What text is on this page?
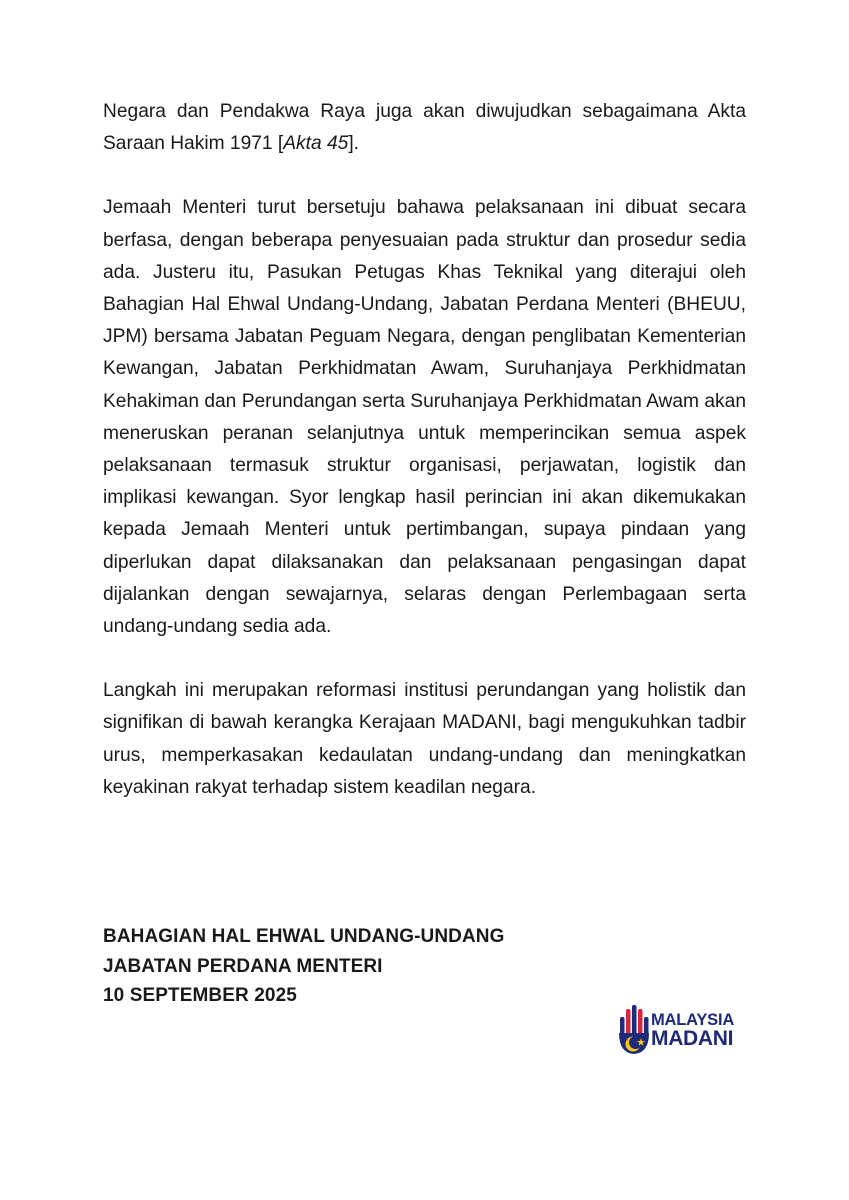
Negara dan Pendakwa Raya juga akan diwujudkan sebagaimana Akta Saraan Hakim 1971 [Akta 45].

Jemaah Menteri turut bersetuju bahawa pelaksanaan ini dibuat secara berfasa, dengan beberapa penyesuaian pada struktur dan prosedur sedia ada. Justeru itu, Pasukan Petugas Khas Teknikal yang diterajui oleh Bahagian Hal Ehwal Undang-Undang, Jabatan Perdana Menteri (BHEUU, JPM) bersama Jabatan Peguam Negara, dengan penglibatan Kementerian Kewangan, Jabatan Perkhidmatan Awam, Suruhanjaya Perkhidmatan Kehakiman dan Perundangan serta Suruhanjaya Perkhidmatan Awam akan meneruskan peranan selanjutnya untuk memperincikan semua aspek pelaksanaan termasuk struktur organisasi, perjawatan, logistik dan implikasi kewangan. Syor lengkap hasil perincian ini akan dikemukakan kepada Jemaah Menteri untuk pertimbangan, supaya pindaan yang diperlukan dapat dilaksanakan dan pelaksanaan pengasingan dapat dijalankan dengan sewajarnya, selaras dengan Perlembagaan serta undang-undang sedia ada.

Langkah ini merupakan reformasi institusi perundangan yang holistik dan signifikan di bawah kerangka Kerajaan MADANI, bagi mengukuhkan tadbir urus, memperkasakan kedaulatan undang-undang dan meningkatkan keyakinan rakyat terhadap sistem keadilan negara.

BAHAGIAN HAL EHWAL UNDANG-UNDANG
JABATAN PERDANA MENTERI
10 SEPTEMBER 2025
MALAYSIA
MADANI
